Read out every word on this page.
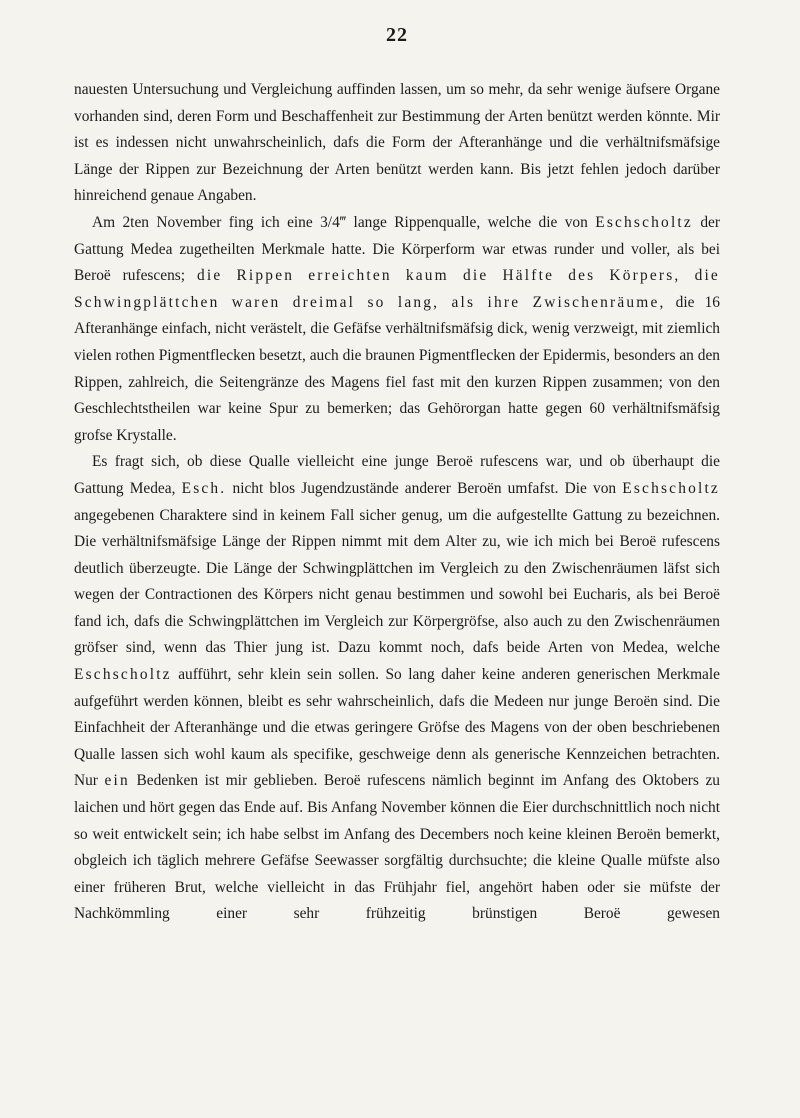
22

nauesten Untersuchung und Vergleichung auffinden lassen, um so mehr, da sehr wenige äufsere Organe vorhanden sind, deren Form und Beschaffenheit zur Bestimmung der Arten benützt werden könnte. Mir ist es indessen nicht unwahrscheinlich, dafs die Form der Afteranhänge und die verhältnifsmäfsige Länge der Rippen zur Bezeichnung der Arten benützt werden kann. Bis jetzt fehlen jedoch darüber hinreichend genaue Angaben.

Am 2ten November fing ich eine 3/4‴ lange Rippenqualle, welche die von Eschscholtz der Gattung Medea zugetheilten Merkmale hatte. Die Körperform war etwas runder und voller, als bei Beroë rufescens; die Rippen erreichten kaum die Hälfte des Körpers, die Schwingplättchen waren dreimal so lang, als ihre Zwischenräume, die 16 Afteranhänge einfach, nicht verästelt, die Gefäfse verhältnifsmäfsig dick, wenig verzweigt, mit ziemlich vielen rothen Pigmentflecken besetzt, auch die braunen Pigmentflecken der Epidermis, besonders an den Rippen, zahlreich, die Seitengränze des Magens fiel fast mit den kurzen Rippen zusammen; von den Geschlechtstheilen war keine Spur zu bemerken; das Gehörorgan hatte gegen 60 verhältnifsmäfsig grofse Krystalle.

Es fragt sich, ob diese Qualle vielleicht eine junge Beroë rufescens war, und ob überhaupt die Gattung Medea, Esch. nicht blos Jugendzustände anderer Beroën umfafst. Die von Eschscholtz angegebenen Charaktere sind in keinem Fall sicher genug, um die aufgestellte Gattung zu bezeichnen. Die verhältnifsmäfsige Länge der Rippen nimmt mit dem Alter zu, wie ich mich bei Beroë rufescens deutlich überzeugte. Die Länge der Schwingplättchen im Vergleich zu den Zwischenräumen läfst sich wegen der Contractionen des Körpers nicht genau bestimmen und sowohl bei Eucharis, als bei Beroë fand ich, dafs die Schwingplättchen im Vergleich zur Körpergröfse, also auch zu den Zwischenräumen gröfser sind, wenn das Thier jung ist. Dazu kommt noch, dafs beide Arten von Medea, welche Eschscholtz aufführt, sehr klein sein sollen. So lang daher keine anderen generischen Merkmale aufgeführt werden können, bleibt es sehr wahrscheinlich, dafs die Medeen nur junge Beroën sind. Die Einfachheit der Afteranhänge und die etwas geringere Gröfse des Magens von der oben beschriebenen Qualle lassen sich wohl kaum als specifike, geschweige denn als generische Kennzeichen betrachten. Nur ein Bedenken ist mir geblieben. Beroë rufescens nämlich beginnt im Anfang des Oktobers zu laichen und hört gegen das Ende auf. Bis Anfang November können die Eier durchschnittlich noch nicht so weit entwickelt sein; ich habe selbst im Anfang des Decembers noch keine kleinen Beroën bemerkt, obgleich ich täglich mehrere Gefäfse Seewasser sorgfältig durchsuchte; die kleine Qualle müfste also einer früheren Brut, welche vielleicht in das Frühjahr fiel, angehört haben oder sie müfste der Nachkömmling einer sehr frühzeitig brünstigen Beroë gewesen
